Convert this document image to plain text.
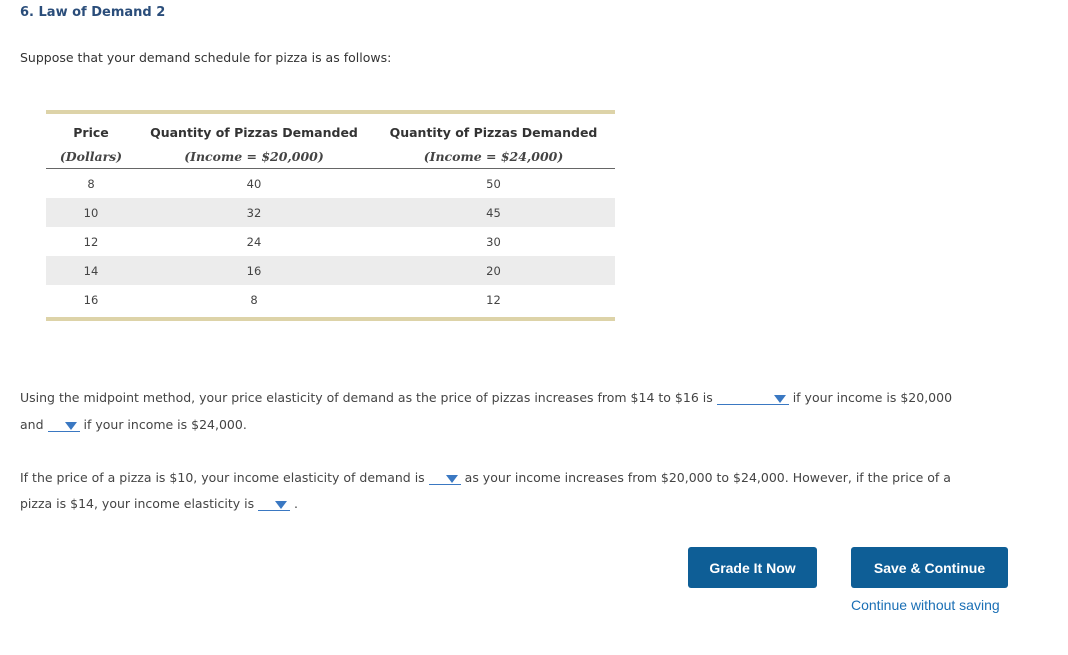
6. Law of Demand 2
Suppose that your demand schedule for pizza is as follows:
Price	Quantity of Pizzas Demanded	Quantity of Pizzas Demanded
(Dollars)	(Income = $20,000)	(Income = $24,000)
8	40	50
10	32	45
12	24	30
14	16	20
16	8	12
Using the midpoint method, your price elasticity of demand as the price of pizzas increases from $14 to $16 is	if your income is $20,000
and	if your income is $24,000.
If the price of a pizza is $10, your income elasticity of demand is	as your income increases from $20,000 to $24,000. However, if the price of a
pizza is $14, your income elasticity is	.
Grade It Now	Save & Continue
Continue without saving
